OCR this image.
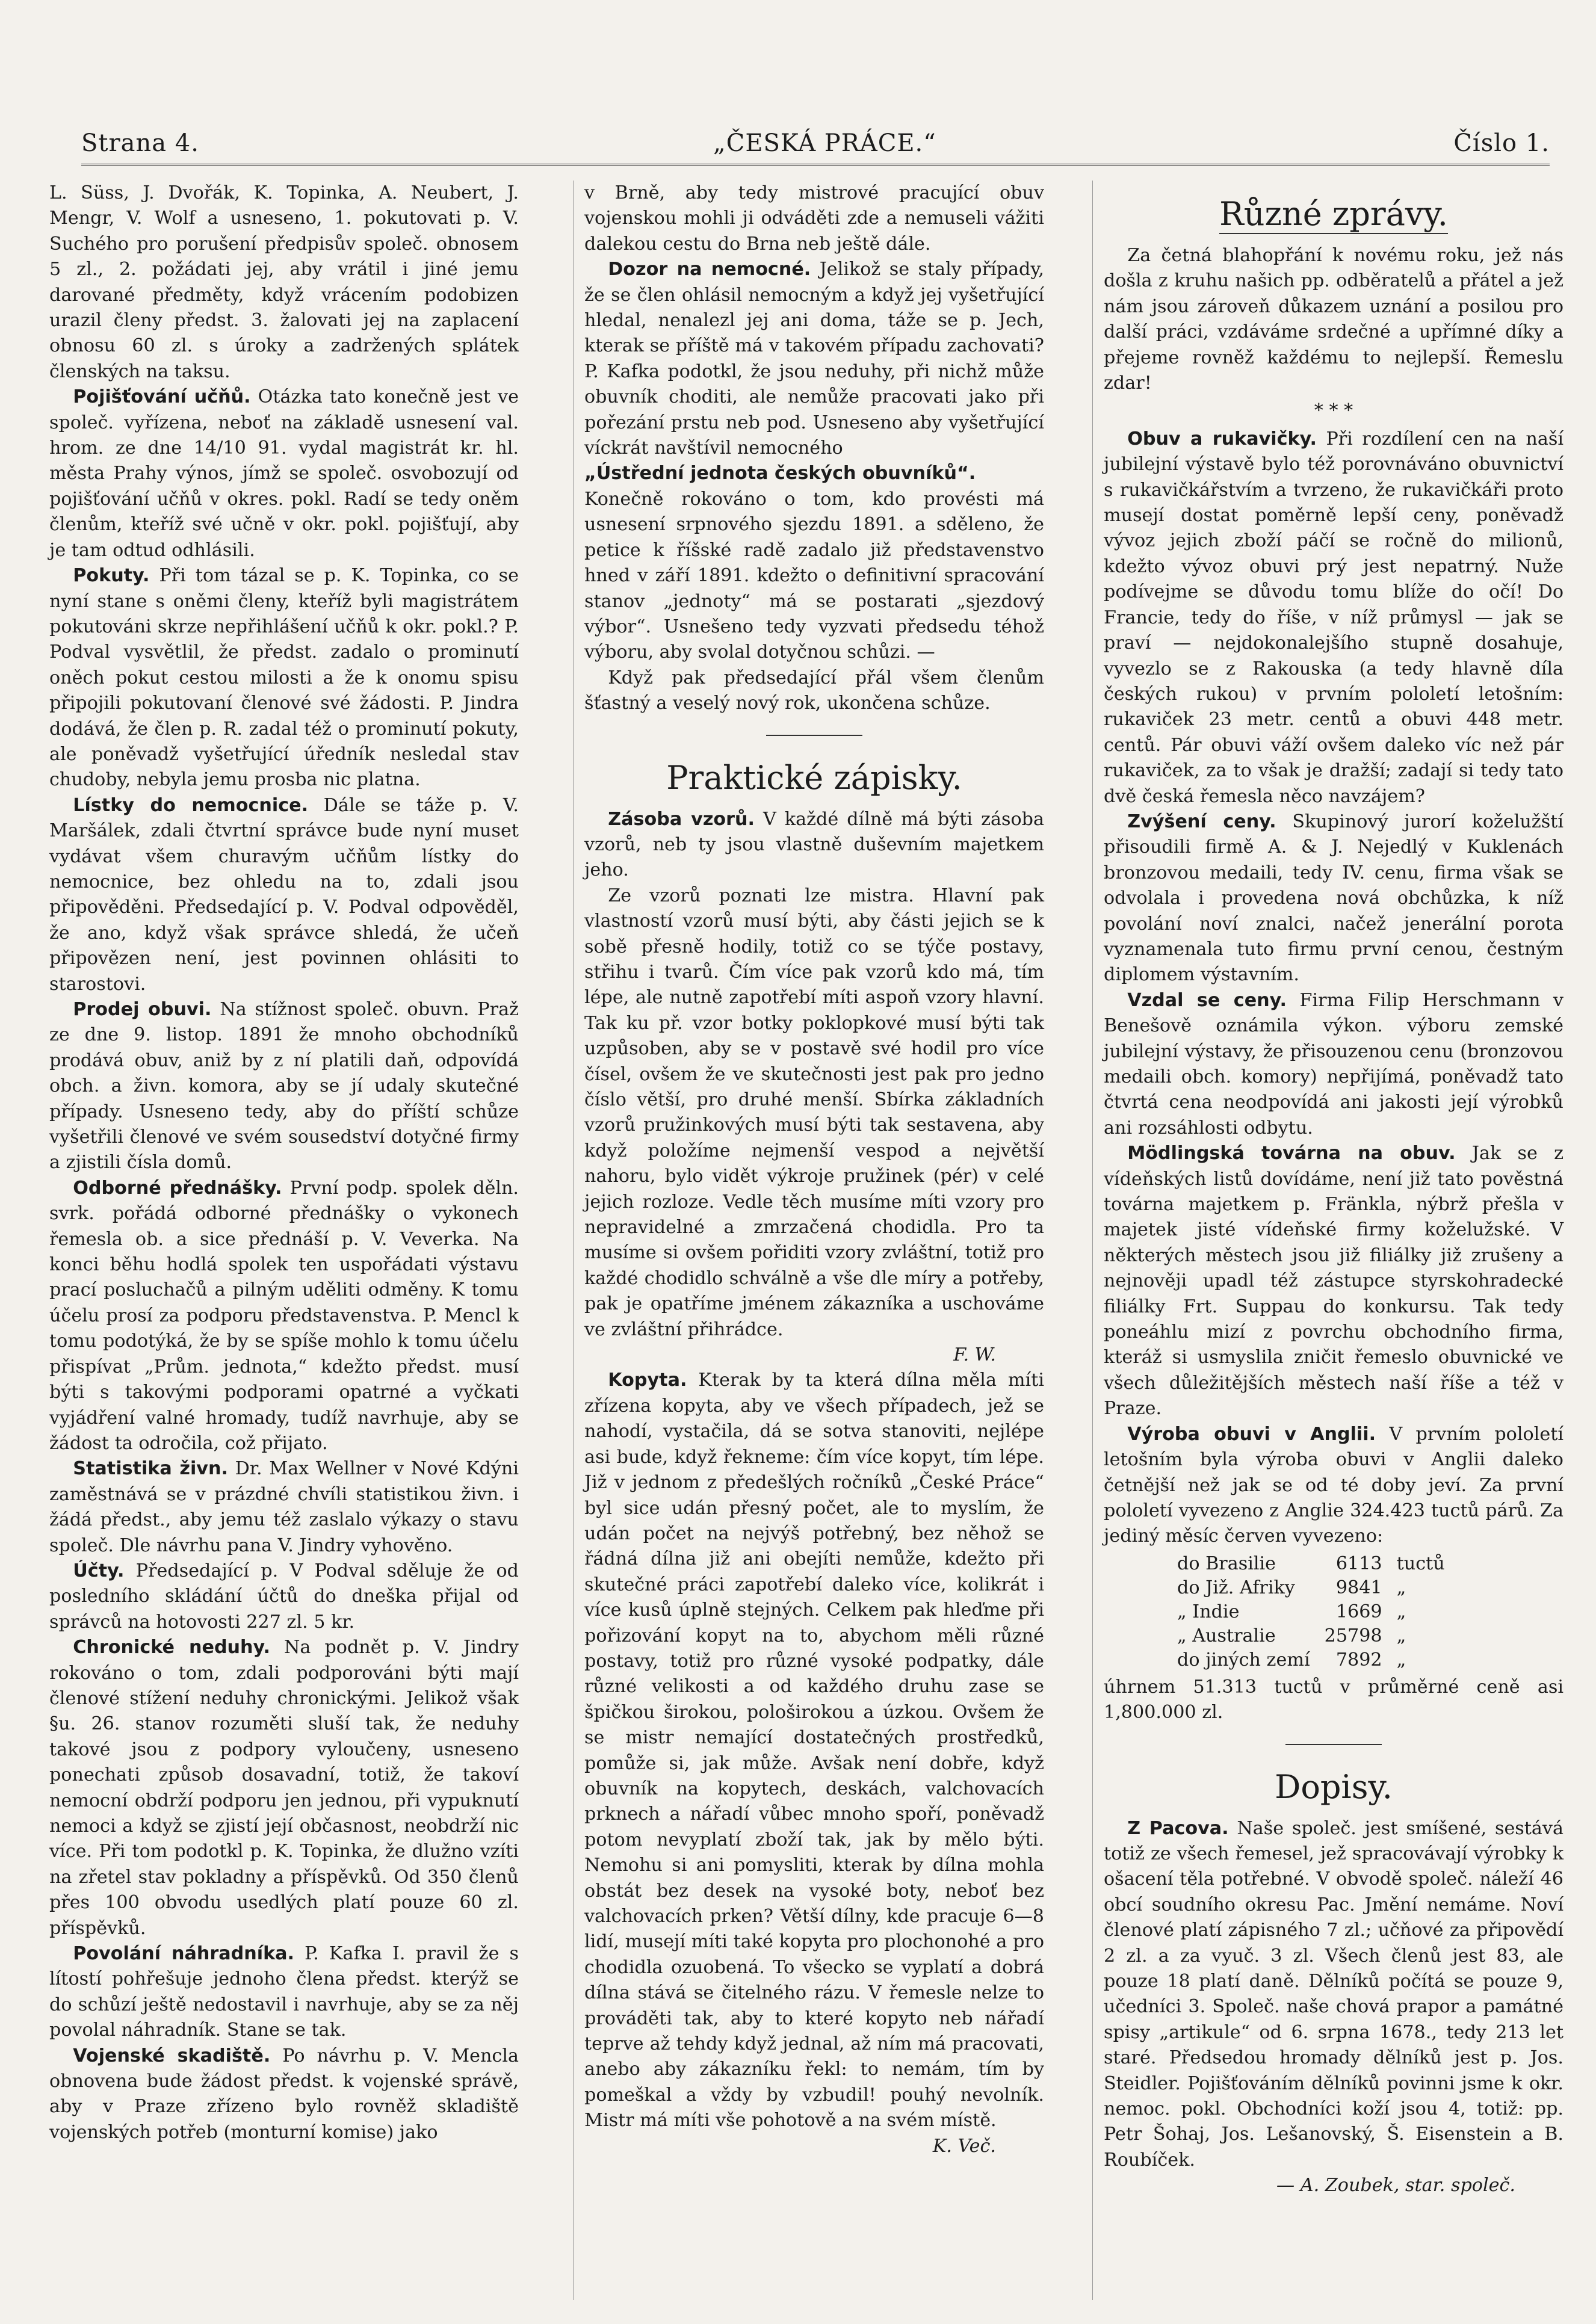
Strana 4.	„ČESKÁ PRÁCE.“	Číslo 1.

L. Süss, J. Dvořák, K. Topinka, A. Neubert, J. Mengr, V. Wolf a usneseno, 1. pokutovati p. V. Suchého pro porušení předpisův společ. obnosem 5 zl., 2. požádati jej, aby vrátil i jiné jemu darované předměty, když vrácením podobizen urazil členy předst. 3. žalovati jej na zaplacení obnosu 60 zl. s úroky a zadržených splátek členských na taksu.

Pojišťování učňů. Otázka tato konečně jest ve společ. vyřízena, neboť na základě usnesení val. hrom. ze dne 14/10 91. vydal magistrát kr. hl. města Prahy výnos, jímž se společ. osvobozují od pojišťování učňů v okres. pokl. Radí se tedy oněm členům, kteříž své učně v okr. pokl. pojišťují, aby je tam odtud odhlásili.

Pokuty. Při tom tázal se p. K. Topinka, co se nyní stane s oněmi členy, kteříž byli magistrátem pokutováni skrze nepřihlášení učňů k okr. pokl.? P. Podval vysvětlil, že předst. zadalo o prominutí oněch pokut cestou milosti a že k onomu spisu připojili pokutovaní členové své žádosti. P. Jindra dodává, že člen p. R. zadal též o prominutí pokuty, ale poněvadž vyšetřující úředník nesledal stav chudoby, nebyla jemu prosba nic platna.

Lístky do nemocnice. Dále se táže p. V. Maršálek, zdali čtvrtní správce bude nyní muset vydávat všem churavým učňům lístky do nemocnice, bez ohledu na to, zdali jsou připověděni. Předsedající p. V. Podval odpověděl, že ano, když však správce shledá, že učeň připovězen není, jest povinnen ohlásiti to starostovi.

Prodej obuvi. Na stížnost společ. obuvn. Praž ze dne 9. listop. 1891 že mnoho obchodníků prodává obuv, aniž by z ní platili daň, odpovídá obch. a živn. komora, aby se jí udaly skutečné případy. Usneseno tedy, aby do příští schůze vyšetřili členové ve svém sousedství dotyčné firmy a zjistili čísla domů.

Odborné přednášky. První podp. spolek děln. svrk. pořádá odborné přednášky o vykonech řemesla ob. a sice přednáší p. V. Veverka. Na konci běhu hodlá spolek ten uspořádati výstavu prací posluchačů a pilným uděliti odměny. K tomu účelu prosí za podporu představenstva. P. Mencl k tomu podotýká, že by se spíše mohlo k tomu účelu přispívat „Prům. jednota,“ kdežto předst. musí býti s takovými podporami opatrné a vyčkati vyjádření valné hromady, tudíž navrhuje, aby se žádost ta odročila, což přijato.

Statistika živn. Dr. Max Wellner v Nové Kdýni zaměstnává se v prázdné chvíli statistikou živn. i žádá předst., aby jemu též zaslalo výkazy o stavu společ. Dle návrhu pana V. Jindry vyhověno.

Účty. Předsedající p. V Podval sděluje že od posledního skládání účtů do dneška přijal od správců na hotovosti 227 zl. 5 kr.

Chronické neduhy. Na podnět p. V. Jindry rokováno o tom, zdali podporováni býti mají členové stížení neduhy chronickými. Jelikož však §u. 26. stanov rozuměti sluší tak, že neduhy takové jsou z podpory vyloučeny, usneseno ponechati způsob dosavadní, totiž, že takoví nemocní obdrží podporu jen jednou, při vypuknutí nemoci a když se zjistí její občasnost, neobdrží nic více. Při tom podotkl p. K. Topinka, že dlužno vzíti na zřetel stav pokladny a příspěvků. Od 350 členů přes 100 obvodu usedlých platí pouze 60 zl. příspěvků.

Povolání náhradníka. P. Kafka I. pravil že s lítostí pohřešuje jednoho člena předst. kterýž se do schůzí ještě nedostavil i navrhuje, aby se za něj povolal náhradník. Stane se tak.

Vojenské skadiště. Po návrhu p. V. Mencla obnovena bude žádost předst. k vojenské správě, aby v Praze zřízeno bylo rovněž skladiště vojenských potřeb (monturní komise) jako

v Brně, aby tedy mistrové pracující obuv vojenskou mohli ji odváděti zde a nemuseli vážiti dalekou cestu do Brna neb ještě dále.

Dozor na nemocné. Jelikož se staly případy, že se člen ohlásil nemocným a když jej vyšetřující hledal, nenalezl jej ani doma, táže se p. Jech, kterak se příště má v takovém případu zachovati? P. Kafka podotkl, že jsou neduhy, při nichž může obuvník choditi, ale nemůže pracovati jako při pořezání prstu neb pod. Usneseno aby vyšetřující víckrát navštívil nemocného

„Ústřední jednota českých obuvníků“.

Konečně rokováno o tom, kdo provésti má usnesení srpnového sjezdu 1891. a sděleno, že petice k říšské radě zadalo již představenstvo hned v září 1891. kdežto o definitivní spracování stanov „jednoty“ má se postarati „sjezdový výbor“. Usnešeno tedy vyzvati předsedu téhož výboru, aby svolal dotyčnou schůzi. —

Když pak předsedající přál všem členům šťastný a veselý nový rok, ukončena schůze.

Praktické zápisky.

Zásoba vzorů. V každé dílně má býti zásoba vzorů, neb ty jsou vlastně duševním majetkem jeho.

Ze vzorů poznati lze mistra. Hlavní pak vlastností vzorů musí býti, aby části jejich se k sobě přesně hodily, totiž co se týče postavy, střihu i tvarů. Čím více pak vzorů kdo má, tím lépe, ale nutně zapotřebí míti aspoň vzory hlavní. Tak ku př. vzor botky poklopkové musí býti tak uzpůsoben, aby se v postavě své hodil pro více čísel, ovšem že ve skutečnosti jest pak pro jedno číslo větší, pro druhé menší. Sbírka základních vzorů pružinkových musí býti tak sestavena, aby když položíme nejmenší vespod a největší nahoru, bylo vidět výkroje pružinek (pér) v celé jejich rozloze. Vedle těch musíme míti vzory pro nepravidelné a zmrzačená chodidla. Pro ta musíme si ovšem pořiditi vzory zvláštní, totiž pro každé chodidlo schválně a vše dle míry a potřeby, pak je opatříme jménem zákazníka a uschováme ve zvláštní přihrádce.

F. W.

Kopyta. Kterak by ta která dílna měla míti zřízena kopyta, aby ve všech případech, jež se nahodí, vystačila, dá se sotva stanoviti, nejlépe asi bude, když řekneme: čím více kopyt, tím lépe. Již v jednom z předešlých ročníků „České Práce“ byl sice udán přesný počet, ale to myslím, že udán počet na nejvýš potřebný, bez něhož se řádná dílna již ani obejíti nemůže, kdežto při skutečné práci zapotřebí daleko více, kolikrát i více kusů úplně stejných. Celkem pak hleďme při pořizování kopyt na to, abychom měli různé postavy, totiž pro různé vysoké podpatky, dále různé velikosti a od každého druhu zase se špičkou širokou, pološirokou a úzkou. Ovšem že se mistr nemající dostatečných prostředků, pomůže si, jak může. Avšak není dobře, když obuvník na kopytech, deskách, valchovacích prknech a nářadí vůbec mnoho spoří, poněvadž potom nevyplatí zboží tak, jak by mělo býti. Nemohu si ani pomysliti, kterak by dílna mohla obstát bez desek na vysoké boty, neboť bez valchovacích prken? Větší dílny, kde pracuje 6—8 lidí, musejí míti také kopyta pro plochonohé a pro chodidla ozuobená. To všecko se vyplatí a dobrá dílna stává se čitelného rázu. V řemesle nelze to prováděti tak, aby to které kopyto neb nářadí teprve až tehdy když jednal, až ním má pracovati, anebo aby zákazníku řekl: to nemám, tím by pomeškal a vždy by vzbudil! pouhý nevolník. Mistr má míti vše pohotově a na svém místě.

K. Več.
Různé zprávy.

Za četná blahopřání k novému roku, jež nás došla z kruhu našich pp. odběratelů a přátel a jež nám jsou zároveň důkazem uznání a posilou pro další práci, vzdáváme srdečné a upřímné díky a přejeme rovněž každému to nejlepší. Řemeslu zdar!

* * *

Obuv a rukavičky. Při rozdílení cen na naší jubilejní výstavě bylo též porovnáváno obuvnictví s rukavičkářstvím a tvrzeno, že rukavičkáři proto musejí dostat poměrně lepší ceny, poněvadž vývoz jejich zboží páčí se ročně do milionů, kdežto vývoz obuvi prý jest nepatrný. Nuže podívejme se důvodu tomu blíže do očí! Do Francie, tedy do říše, v níž průmysl — jak se praví — nejdokonalejšího stupně dosahuje, vyvezlo se z Rakouska (a tedy hlavně díla českých rukou) v prvním pololetí letošním: rukaviček 23 metr. centů a obuvi 448 metr. centů. Pár obuvi váží ovšem daleko víc než pár rukaviček, za to však je dražší; zadají si tedy tato dvě česká řemesla něco navzájem?

Zvýšení ceny. Skupinový jurorí koželužští přisoudili firmě A. & J. Nejedlý v Kuklenách bronzovou medaili, tedy IV. cenu, firma však se odvolala i provedena nová obchůzka, k níž povolání noví znalci, načež jenerální porota vyznamenala tuto firmu první cenou, čestným diplomem výstavním.

Vzdal se ceny. Firma Filip Herschmann v Benešově oznámila výkon. výboru zemské jubilejní výstavy, že přisouzenou cenu (bronzovou medaili obch. komory) nepřijímá, poněvadž tato čtvrtá cena neodpovídá ani jakosti její výrobků ani rozsáhlosti odbytu.

Mödlingská továrna na obuv. Jak se z vídeňských listů dovídáme, není již tato pověstná továrna majetkem p. Fränkla, nýbrž přešla v majetek jisté vídeňské firmy koželužské. V některých městech jsou již filiálky již zrušeny a nejnověji upadl též zástupce styrskohradecké filiálky Frt. Suppau do konkursu. Tak tedy poneáhlu mizí z povrchu obchodního firma, kteráž si usmyslila zničit řemeslo obuvnické ve všech důležitějších městech naší říše a též v Praze.

Výroba obuvi v Anglii. V prvním pololetí letošním byla výroba obuvi v Anglii daleko četnější než jak se od té doby jeví. Za první pololetí vyvezeno z Anglie 324.423 tuctů párů. Za jediný měsíc červen vyvezeno:

do Brasilie	6113	tuctů
do Již. Afriky	9841	„
„ Indie	1669	„
„ Australie	25798	„
do jiných zemí	7892	„

úhrnem 51.313 tuctů v průměrné ceně asi 1,800.000 zl.

Dopisy.

Z Pacova. Naše společ. jest smíšené, sestává totiž ze všech řemesel, jež spracovávají výrobky k ošacení těla potřebné. V obvodě společ. náleží 46 obcí soudního okresu Pac. Jmění nemáme. Noví členové platí zápisného 7 zl.; učňové za připovědí 2 zl. a za vyuč. 3 zl. Všech členů jest 83, ale pouze 18 platí daně. Dělníků počítá se pouze 9, učedníci 3. Společ. naše chová prapor a památné spisy „artikule“ od 6. srpna 1678., tedy 213 let staré. Předsedou hromady dělníků jest p. Jos. Steidler. Pojišťováním dělníků povinni jsme k okr. nemoc. pokl. Obchodníci koží jsou 4, totiž: pp. Petr Šohaj, Jos. Lešanovský, Š. Eisenstein a B. Roubíček.

— A. Zoubek, star. společ.
